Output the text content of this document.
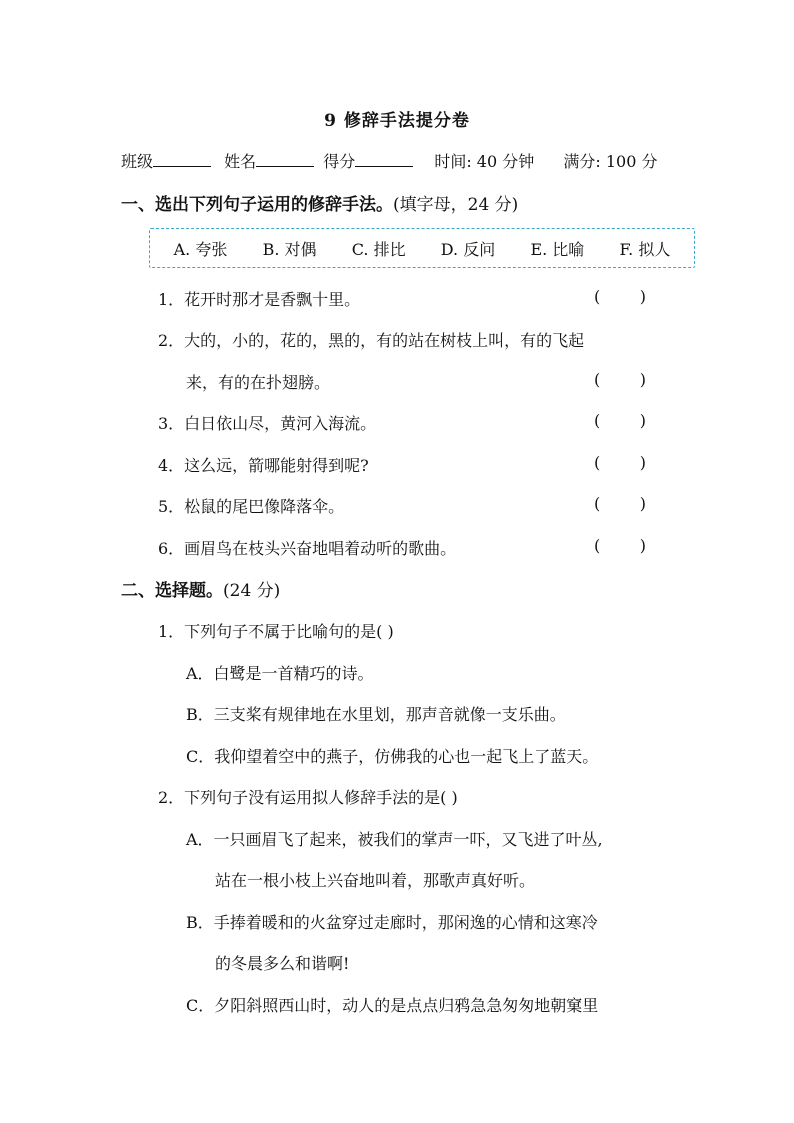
9 修辞手法提分卷
班级	姓名	得分	时间: 40 分钟 满分: 100 分
一、选出下列句子运用的修辞手法。(填字母，24 分)
A. 夸张 B. 对偶 C. 排比 D. 反问 E. 比喻 F. 拟人
1．花开时那才是香飘十里。	( )
2．大的，小的，花的，黑的，有的站在树枝上叫，有的飞起
来，有的在扑翅膀。	( )
3．白日依山尽，黄河入海流。	( )
4．这么远，箭哪能射得到呢?	( )
5．松鼠的尾巴像降落伞。	( )
6．画眉鸟在枝头兴奋地唱着动听的歌曲。	( )
二、选择题。(24 分)
1．下列句子不属于比喻句的是( )
A．白鹭是一首精巧的诗。
B．三支桨有规律地在水里划，那声音就像一支乐曲。
C．我仰望着空中的燕子，仿佛我的心也一起飞上了蓝天。
2．下列句子没有运用拟人修辞手法的是( )
A．一只画眉飞了起来，被我们的掌声一吓，又飞进了叶丛,
站在一根小枝上兴奋地叫着，那歌声真好听。
B．手捧着暖和的火盆穿过走廊时，那闲逸的心情和这寒冷
的冬晨多么和谐啊!
C．夕阳斜照西山时，动人的是点点归鸦急急匆匆地朝窠里
